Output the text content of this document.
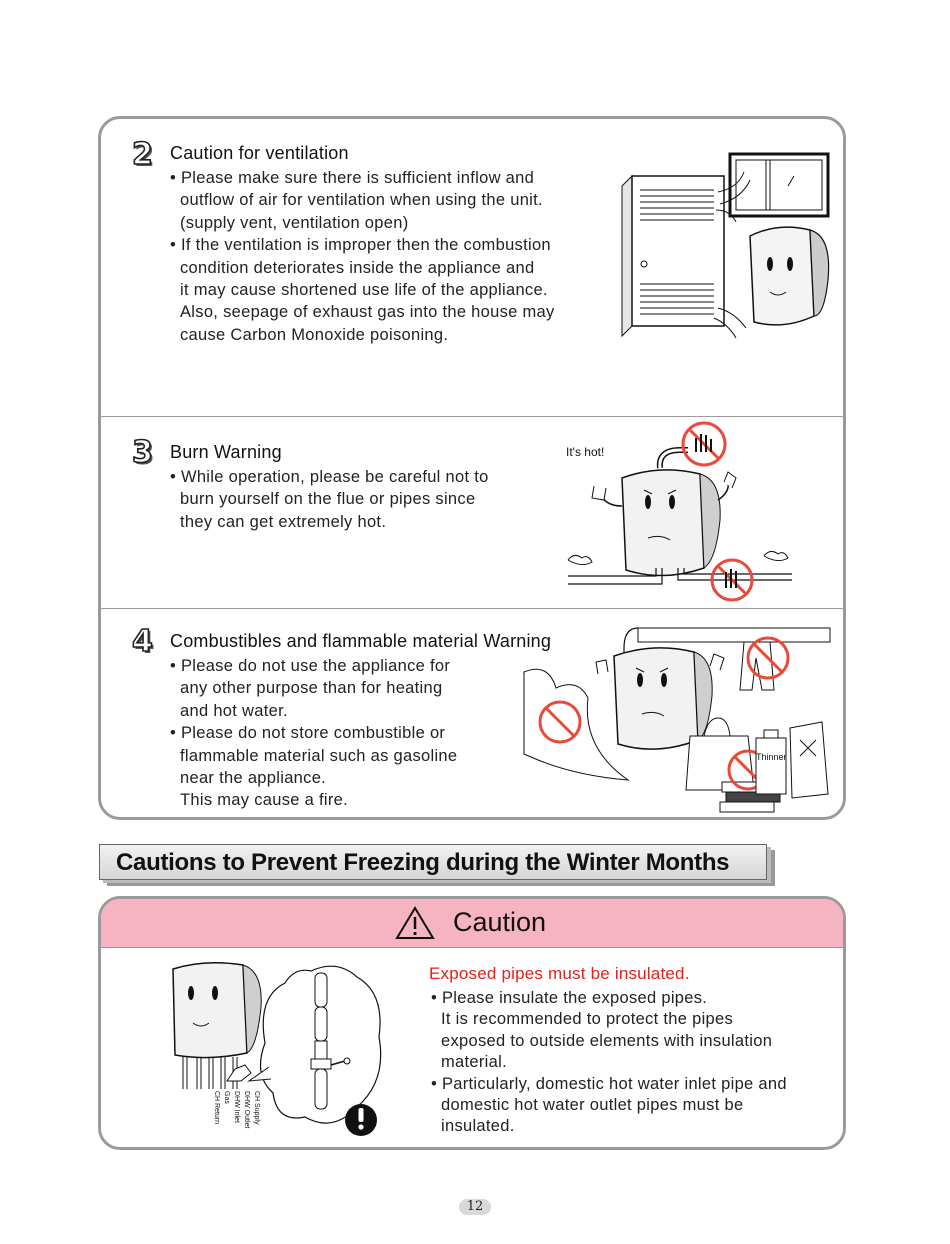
2 Caution for ventilation
• Please make sure there is sufficient inflow and
outflow of air for ventilation when using the unit.
(supply vent, ventilation open)
• If the ventilation is improper then the combustion
condition deteriorates inside the appliance and
it may cause shortened use life of the appliance.
Also, seepage of exhaust gas into the house may
cause Carbon Monoxide poisoning.
3 Burn Warning
• While operation, please be careful not to
burn yourself on the flue or pipes since
they can get extremely hot.
It's hot!
4 Combustibles and flammable material Warning
• Please do not use the appliance for
any other purpose than for heating
and hot water.
• Please do not store combustible or
flammable material such as gasoline
near the appliance.
This may cause a fire.
Thinner
Cautions to Prevent Freezing during the Winter Months
Caution
CH Supply
DHW Outlet
DHW Inlet
Gas
CH Return
Exposed pipes must be insulated.
• Please insulate the exposed pipes.
It is recommended to protect the pipes
exposed to outside elements with insulation
material.
• Particularly, domestic hot water inlet pipe and
domestic hot water outlet pipes must be
insulated.
12
